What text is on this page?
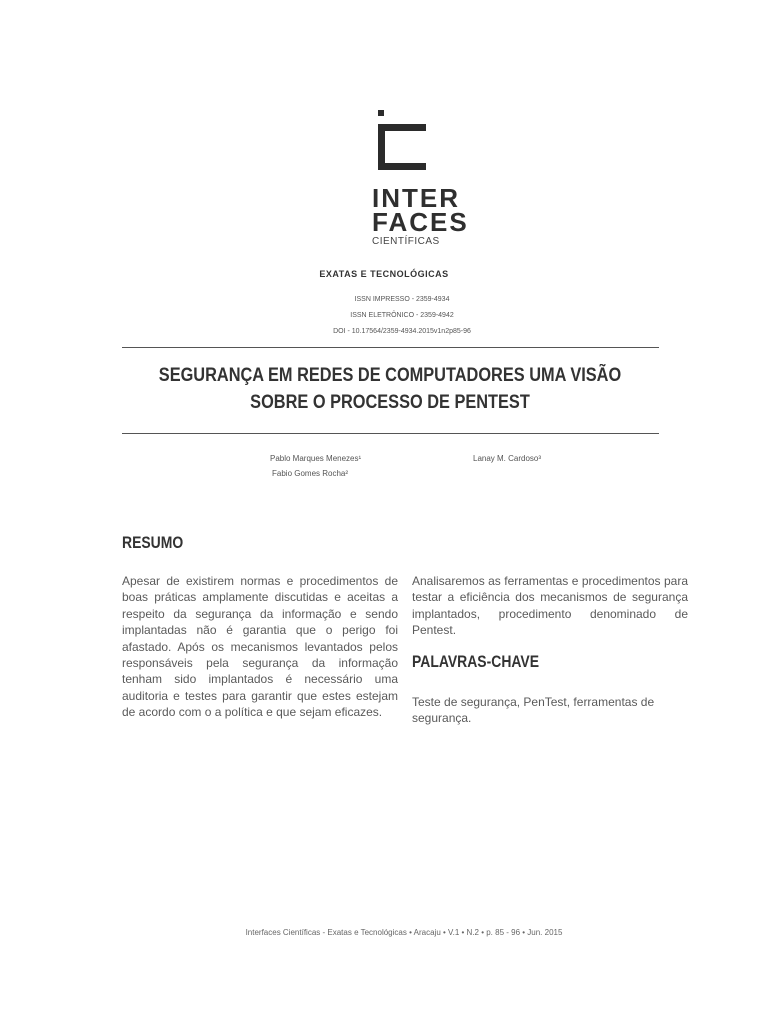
INTER
FACES
CIENTÍFICAS
EXATAS E TECNOLÓGICAS
ISSN IMPRESSO - 2359-4934
ISSN ELETRÔNICO - 2359-4942
DOI - 10.17564/2359-4934.2015v1n2p85-96
SEGURANÇA EM REDES DE COMPUTADORES UMA VISÃO
SOBRE O PROCESSO DE PENTEST
Pablo Marques Menezes¹
Fabio Gomes Rocha²
Lanay M. Cardoso³
RESUMO
Apesar de existirem normas e procedimentos de boas práticas amplamente discutidas e aceitas a respeito da segurança da informação e sendo implantadas não é garantia que o perigo foi afastado. Após os mecanismos levantados pelos responsáveis pela segurança da informação tenham sido implantados é necessário uma auditoria e testes para garantir que estes estejam de acordo com o a política e que sejam eficazes.
Analisaremos as ferramentas e procedimentos para testar a eficiência dos mecanismos de segurança implantados, procedimento denominado de Pentest.
PALAVRAS-CHAVE
Teste de segurança, PenTest, ferramentas de segurança.
Interfaces Científicas - Exatas e Tecnológicas • Aracaju • V.1 • N.2 • p. 85 - 96 • Jun. 2015
